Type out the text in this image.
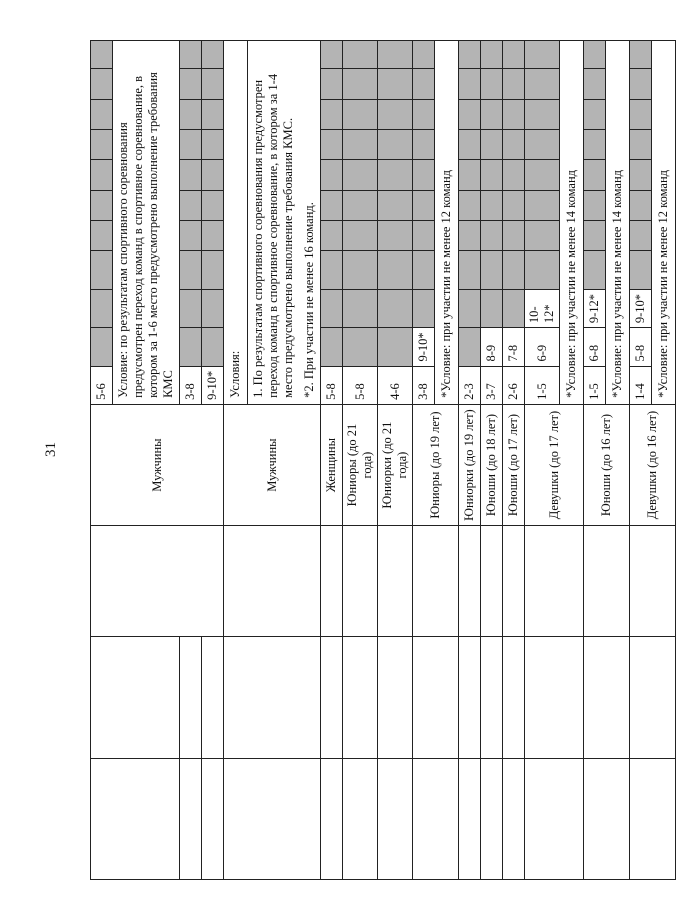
31
				Мужчины	5-6										
				Условие: по результатам спортивного соревнования предусмотрен переход команд в спортивное соревнование, в котором за 1-6 место предусмотрено выполнение требования КМС										
				3-8										
				9-10*										
			Мужчины	Условия:										

				1. По результатам спортивного соревнования предусмотрен переход команд в спортивное соревнование, в котором за 1-4 место предусмотрено выполнение требования КМС. *2. При участии не менее 16 команд.										

			Женщины	5-8										
			Юниоры (до 21 года)	5-8										
			Юниорки (до 21 года)	4-6										
			Юниоры (до 19 лет)	3-8	9-10*									
				*Условие: при участии не менее 12 команд										
			Юниорки (до 19 лет)	2-3										
			Юноши (до 18 лет)	3-7	8-9									
			Юноши (до 17 лет)	2-6	7-8									
			Девушки (до 17 лет)	1-5	6-9	10-12*								
				*Условие: при участии не менее 14 команд										
			Юноши (до 16 лет)	1-5	6-8	9-12*								
				*Условие: при участии не менее 14 команд										
			Девушки (до 16 лет)	1-4	5-8	9-10*								
				*Условие: при участии не менее 12 команд										
